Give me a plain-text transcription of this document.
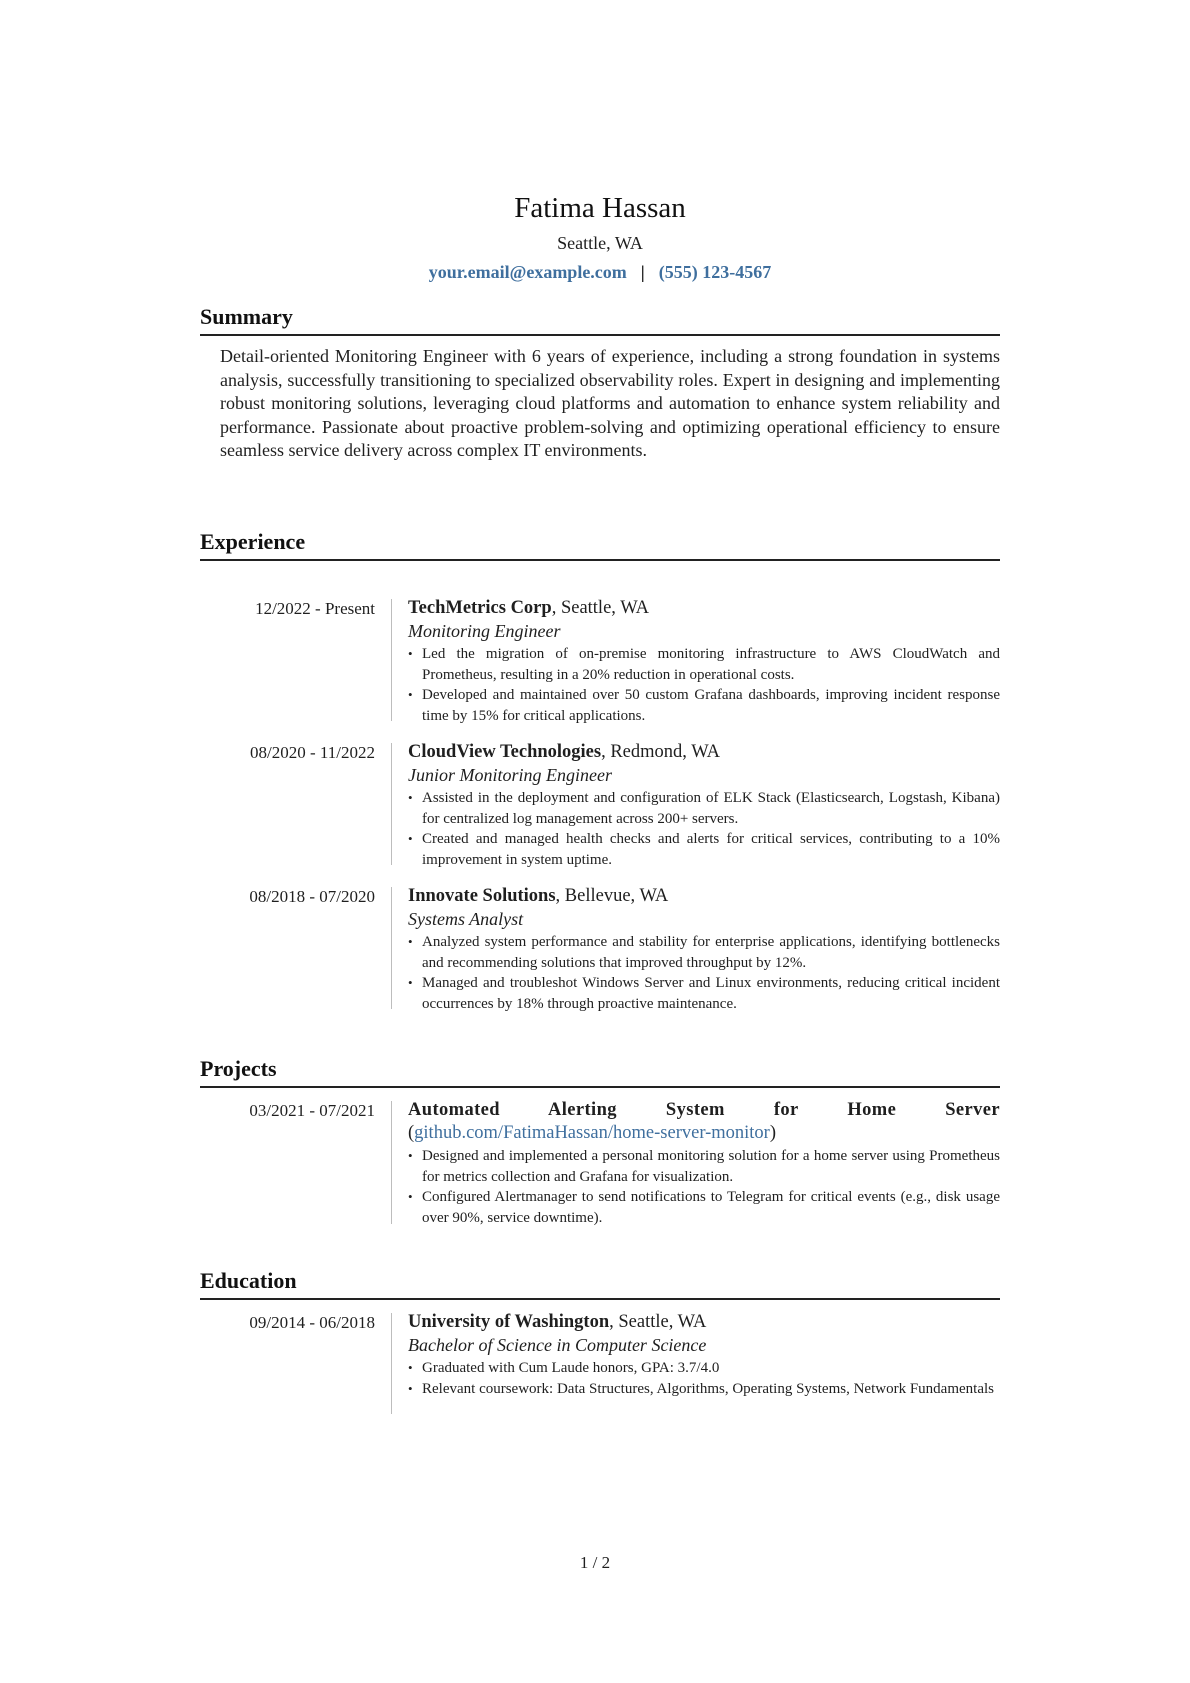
Fatima Hassan
Seattle, WA
your.email@example.com | (555) 123-4567
Summary
Detail-oriented Monitoring Engineer with 6 years of experience, including a strong foundation in systems analysis, successfully transitioning to specialized observability roles. Expert in designing and implementing robust monitoring solutions, leveraging cloud platforms and automation to enhance system reliability and performance. Passionate about proactive problem-solving and optimizing operational efficiency to ensure seamless service delivery across complex IT environments.
Experience
12/2022 - Present TechMetrics Corp, Seattle, WA
Monitoring Engineer
• Led the migration of on-premise monitoring infrastructure to AWS CloudWatch and Prometheus, resulting in a 20% reduction in operational costs.
• Developed and maintained over 50 custom Grafana dashboards, improving incident response time by 15% for critical applications.
08/2020 - 11/2022 CloudView Technologies, Redmond, WA
Junior Monitoring Engineer
• Assisted in the deployment and configuration of ELK Stack (Elasticsearch, Logstash, Kibana) for centralized log management across 200+ servers.
• Created and managed health checks and alerts for critical services, contributing to a 10% improvement in system uptime.
08/2018 - 07/2020 Innovate Solutions, Bellevue, WA
Systems Analyst
• Analyzed system performance and stability for enterprise applications, identifying bottlenecks and recommending solutions that improved throughput by 12%.
• Managed and troubleshot Windows Server and Linux environments, reducing critical incident occurrences by 18% through proactive maintenance.
Projects
03/2021 - 07/2021 Automated Alerting System for Home Server (github.com/FatimaHassan/home-server-monitor)
• Designed and implemented a personal monitoring solution for a home server using Prometheus for metrics collection and Grafana for visualization.
• Configured Alertmanager to send notifications to Telegram for critical events (e.g., disk usage over 90%, service downtime).
Education
09/2014 - 06/2018 University of Washington, Seattle, WA
Bachelor of Science in Computer Science
• Graduated with Cum Laude honors, GPA: 3.7/4.0
• Relevant coursework: Data Structures, Algorithms, Operating Systems, Network Fundamentals
1 / 2
